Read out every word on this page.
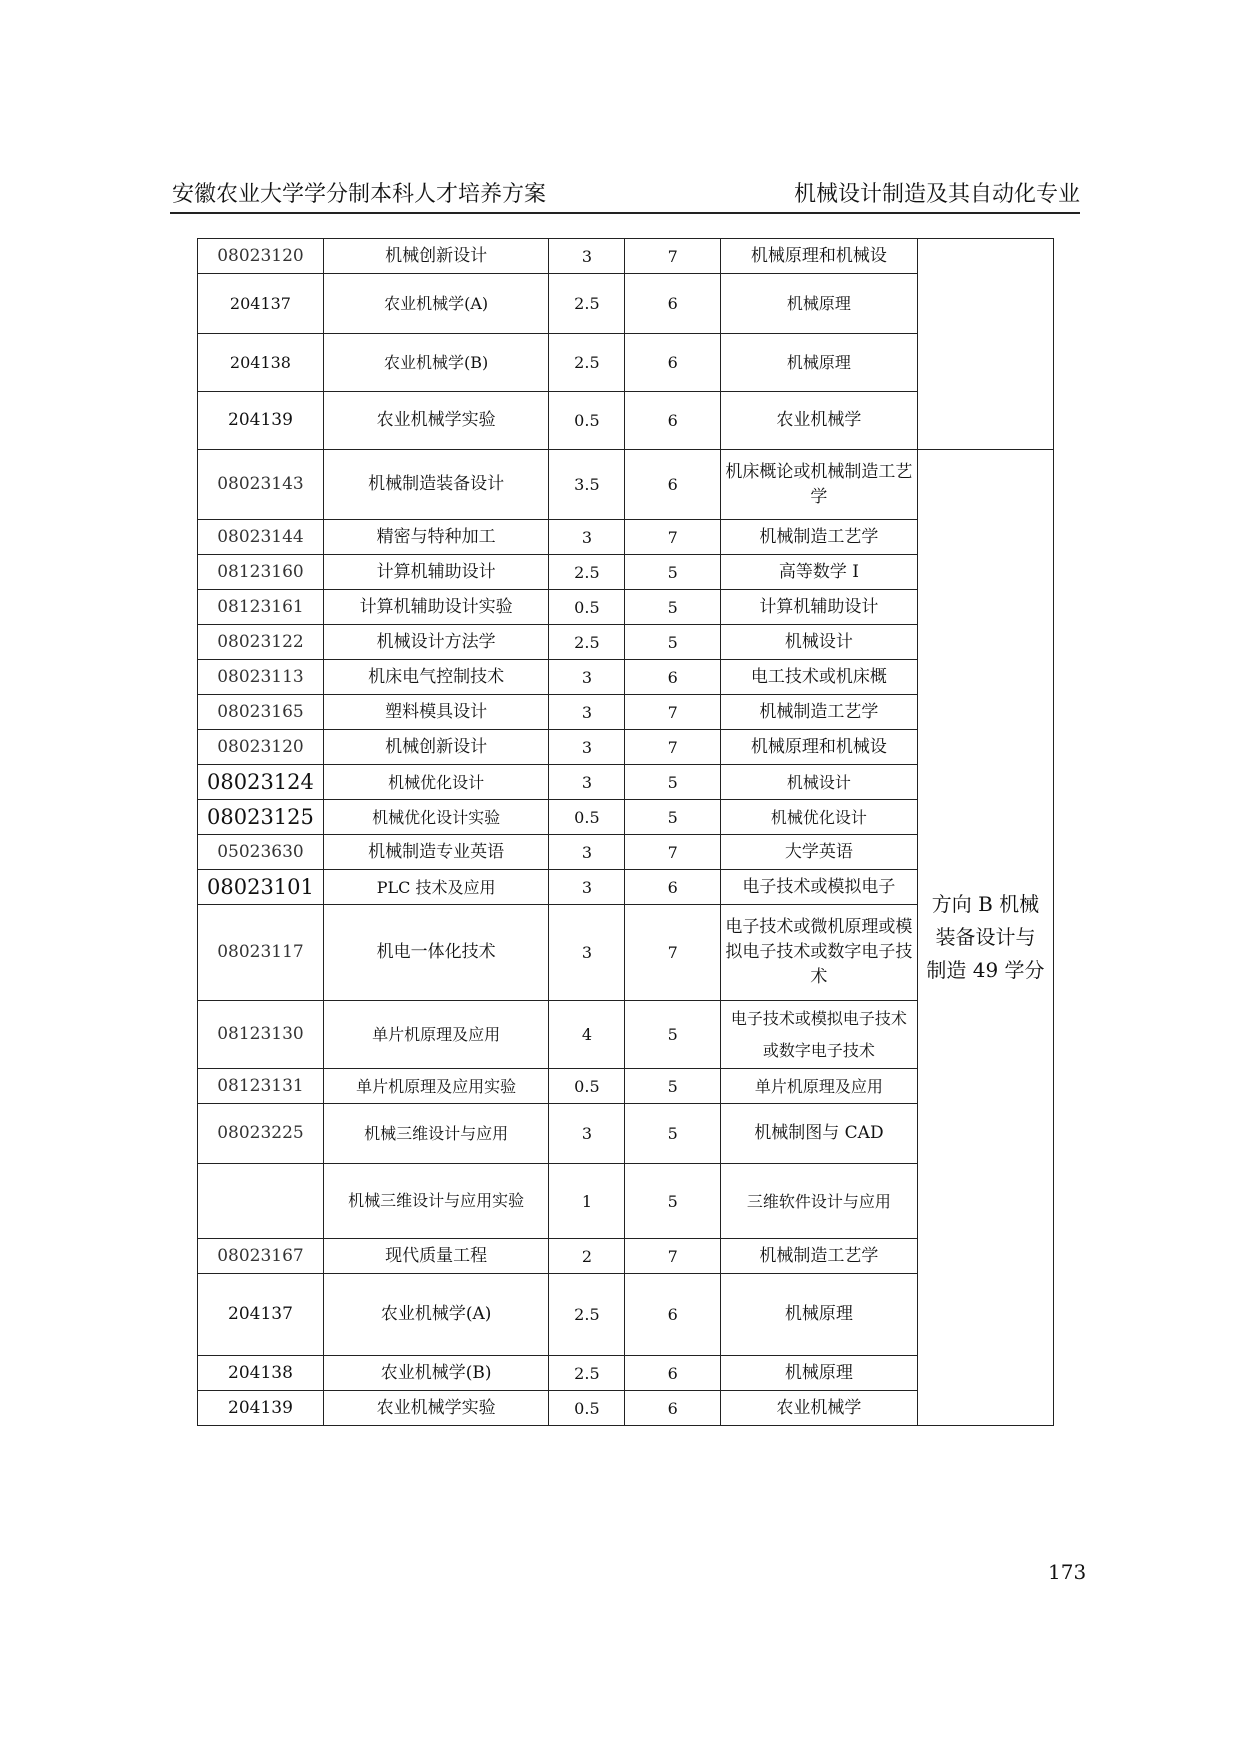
安徽农业大学学分制本科人才培养方案	机械设计制造及其自动化专业
08023120	机械创新设计	3	7	机械原理和机械设	
204137	农业机械学(A)	2.5	6	机械原理	
204138	农业机械学(B)	2.5	6	机械原理	
204139	农业机械学实验	0.5	6	农业机械学	
08023143	机械制造装备设计	3.5	6	机床概论或机械制造工艺学	方向 B 机械装备设计与制造 49 学分
08023144	精密与特种加工	3	7	机械制造工艺学	
08123160	计算机辅助设计	2.5	5	高等数学 I	
08123161	计算机辅助设计实验	0.5	5	计算机辅助设计	
08023122	机械设计方法学	2.5	5	机械设计	
08023113	机床电气控制技术	3	6	电工技术或机床概	
08023165	塑料模具设计	3	7	机械制造工艺学	
08023120	机械创新设计	3	7	机械原理和机械设	
08023124	机械优化设计	3	5	机械设计	
08023125	机械优化设计实验	0.5	5	机械优化设计	
05023630	机械制造专业英语	3	7	大学英语	
08023101	PLC 技术及应用	3	6	电子技术或模拟电子	
08023117	机电一体化技术	3	7	电子技术或微机原理或模拟电子技术或数字电子技术	
08123130	单片机原理及应用	4	5	电子技术或模拟电子技术或数字电子技术	
08123131	单片机原理及应用实验	0.5	5	单片机原理及应用	
08023225	机械三维设计与应用	3	5	机械制图与 CAD	
	机械三维设计与应用实验	1	5	三维软件设计与应用	
08023167	现代质量工程	2	7	机械制造工艺学	
204137	农业机械学(A)	2.5	6	机械原理	
204138	农业机械学(B)	2.5	6	机械原理	
204139	农业机械学实验	0.5	6	农业机械学	
173
